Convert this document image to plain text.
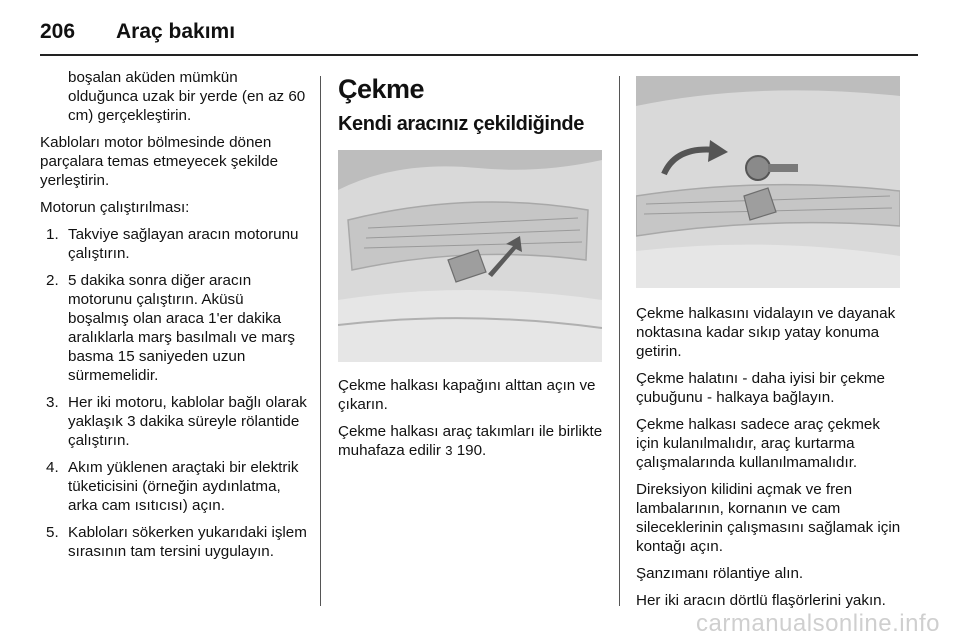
206 Araç bakımı

boşalan aküden mümkün olduğunca uzak bir yerde (en az 60 cm) gerçekleştirin.

Kabloları motor bölmesinde dönen parçalara temas etmeyecek şekilde yerleştirin.

Motorun çalıştırılması:

1. Takviye sağlayan aracın motorunu çalıştırın.
2. 5 dakika sonra diğer aracın motorunu çalıştırın. Aküsü boşalmış olan araca 1'er dakika aralıklarla marş basılmalı ve marş basma 15 saniyeden uzun sürmemelidir.
3. Her iki motoru, kablolar bağlı olarak yaklaşık 3 dakika süreyle rölantide çalıştırın.
4. Akım yüklenen araçtaki bir elektrik tüketicisini (örneğin aydınlatma, arka cam ısıtıcısı) açın.
5. Kabloları sökerken yukarıdaki işlem sırasının tam tersini uygulayın.
Çekme
Kendi aracınız çekildiğinde

Çekme halkası kapağını alttan açın ve çıkarın.

Çekme halkası araç takımları ile birlikte muhafaza edilir 3 190.

Çekme halkasını vidalayın ve dayanak noktasına kadar sıkıp yatay konuma getirin.

Çekme halatını - daha iyisi bir çekme çubuğunu - halkaya bağlayın.

Çekme halkası sadece araç çekmek için kulanılmalıdır, araç kurtarma çalışmalarında kullanılmamalıdır.

Direksiyon kilidini açmak ve fren lambalarının, kornanın ve cam sileceklerinin çalışmasını sağlamak için kontağı açın.

Şanzımanı rölantiye alın.

Her iki aracın dörtlü flaşörlerini yakın.

carmanualsonline.info
